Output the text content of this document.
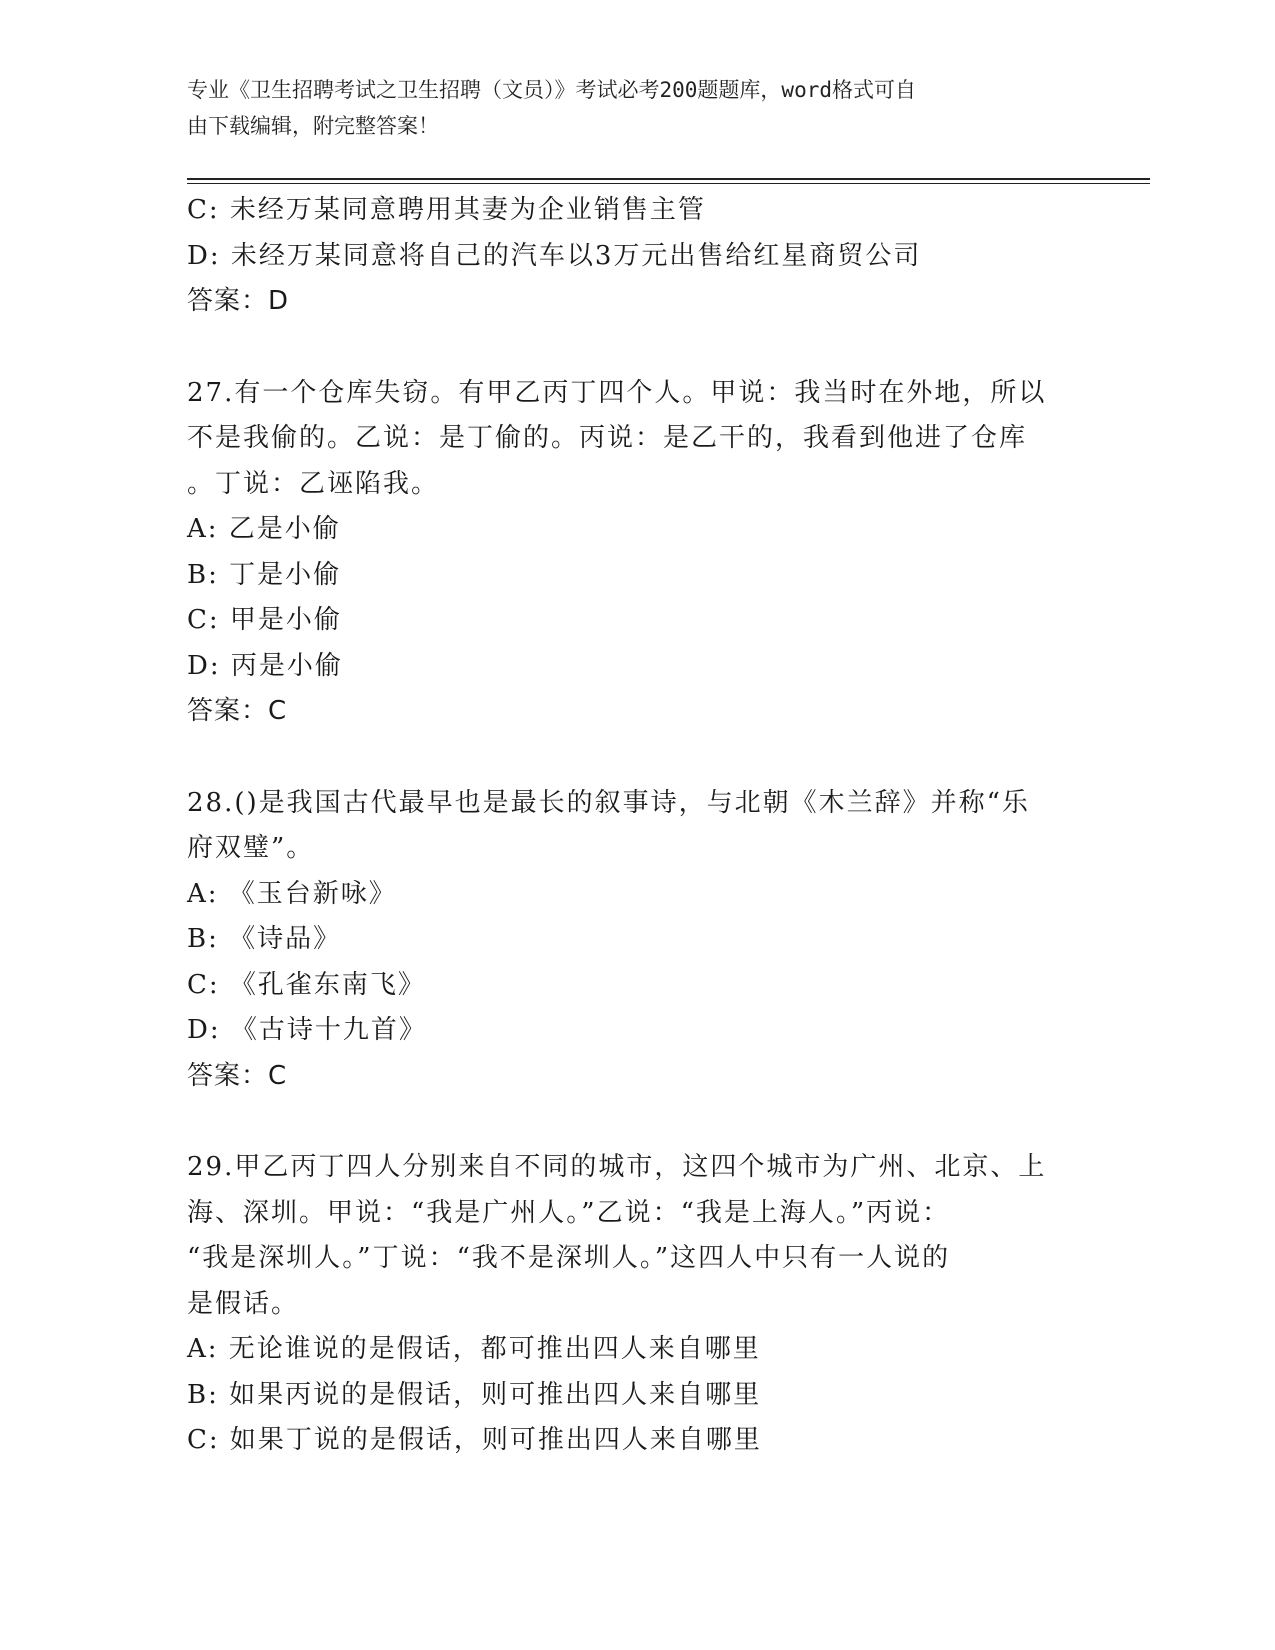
专业《卫生招聘考试之卫生招聘（文员）》考试必考200题题库，word格式可自
由下载编辑，附完整答案！
C: 未经万某同意聘用其妻为企业销售主管
D: 未经万某同意将自己的汽车以3万元出售给红星商贸公司
答案：D
27.有一个仓库失窃。有甲乙丙丁四个人。甲说：我当时在外地，所以
不是我偷的。乙说：是丁偷的。丙说：是乙干的，我看到他进了仓库
。丁说：乙诬陷我。
A: 乙是小偷
B: 丁是小偷
C: 甲是小偷
D: 丙是小偷
答案：C
28.()是我国古代最早也是最长的叙事诗，与北朝《木兰辞》并称“乐
府双璧”。
A: 《玉台新咏》
B: 《诗品》
C: 《孔雀东南飞》
D: 《古诗十九首》
答案：C
29.甲乙丙丁四人分别来自不同的城市，这四个城市为广州、北京、上
海、深圳。甲说：“我是广州人。”乙说：“我是上海人。”丙说：
“我是深圳人。”丁说：“我不是深圳人。”这四人中只有一人说的
是假话。
A: 无论谁说的是假话，都可推出四人来自哪里
B: 如果丙说的是假话，则可推出四人来自哪里
C: 如果丁说的是假话，则可推出四人来自哪里
